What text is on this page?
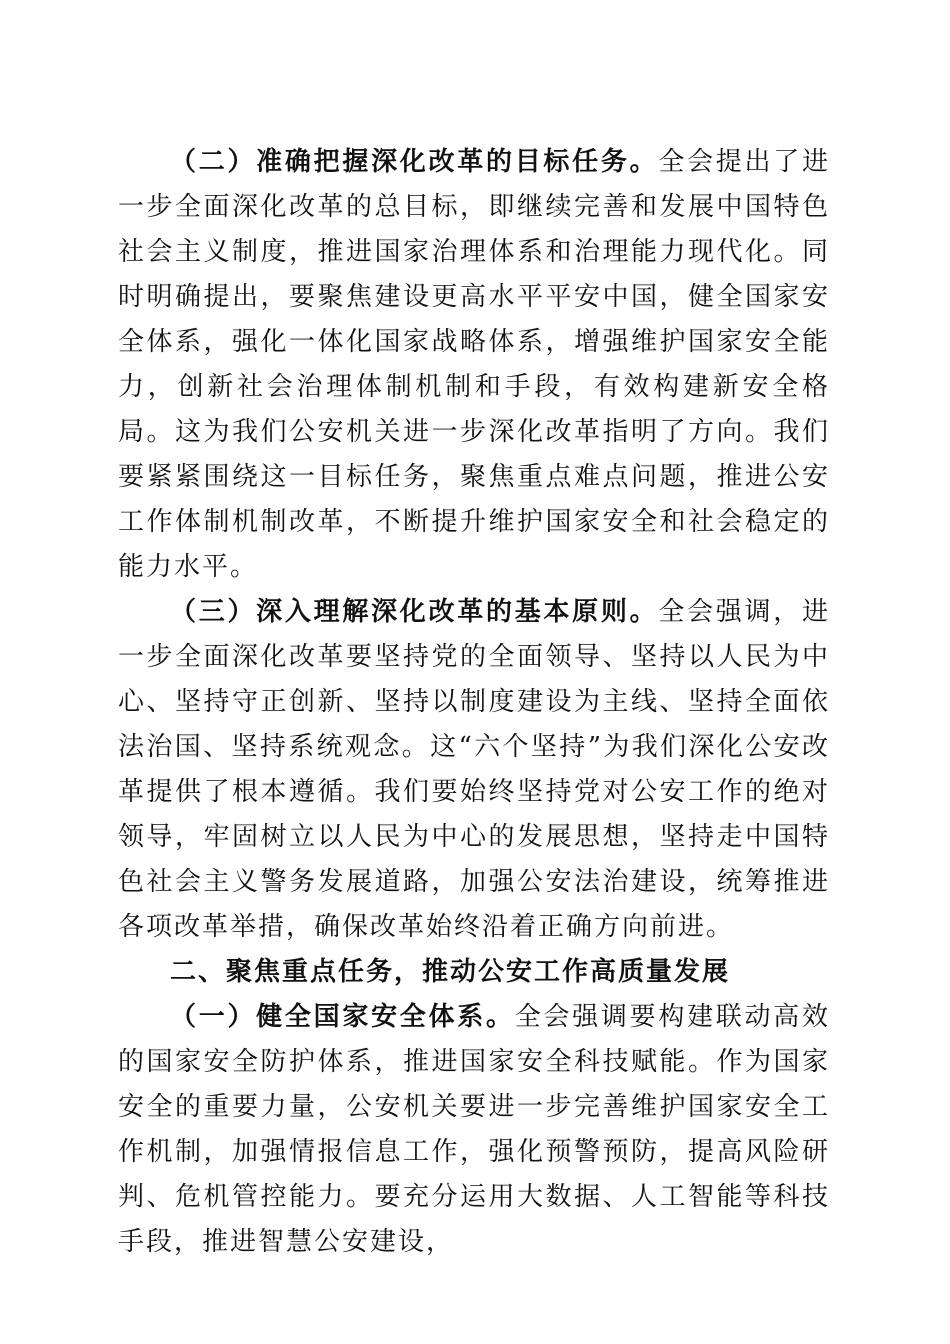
（二）准确把握深化改革的目标任务。全会提出了进一步全面深化改革的总目标，即继续完善和发展中国特色社会主义制度，推进国家治理体系和治理能力现代化。同时明确提出，要聚焦建设更高水平平安中国，健全国家安全体系，强化一体化国家战略体系，增强维护国家安全能力，创新社会治理体制机制和手段，有效构建新安全格局。这为我们公安机关进一步深化改革指明了方向。我们要紧紧围绕这一目标任务，聚焦重点难点问题，推进公安工作体制机制改革，不断提升维护国家安全和社会稳定的能力水平。

（三）深入理解深化改革的基本原则。全会强调，进一步全面深化改革要坚持党的全面领导、坚持以人民为中心、坚持守正创新、坚持以制度建设为主线、坚持全面依法治国、坚持系统观念。这“六个坚持”为我们深化公安改革提供了根本遵循。我们要始终坚持党对公安工作的绝对领导，牢固树立以人民为中心的发展思想，坚持走中国特色社会主义警务发展道路，加强公安法治建设，统筹推进各项改革举措，确保改革始终沿着正确方向前进。

二、聚焦重点任务，推动公安工作高质量发展

（一）健全国家安全体系。全会强调要构建联动高效的国家安全防护体系，推进国家安全科技赋能。作为国家安全的重要力量，公安机关要进一步完善维护国家安全工作机制，加强情报信息工作，强化预警预防，提高风险研判、危机管控能力。要充分运用大数据、人工智能等科技手段，推进智慧公安建设，
